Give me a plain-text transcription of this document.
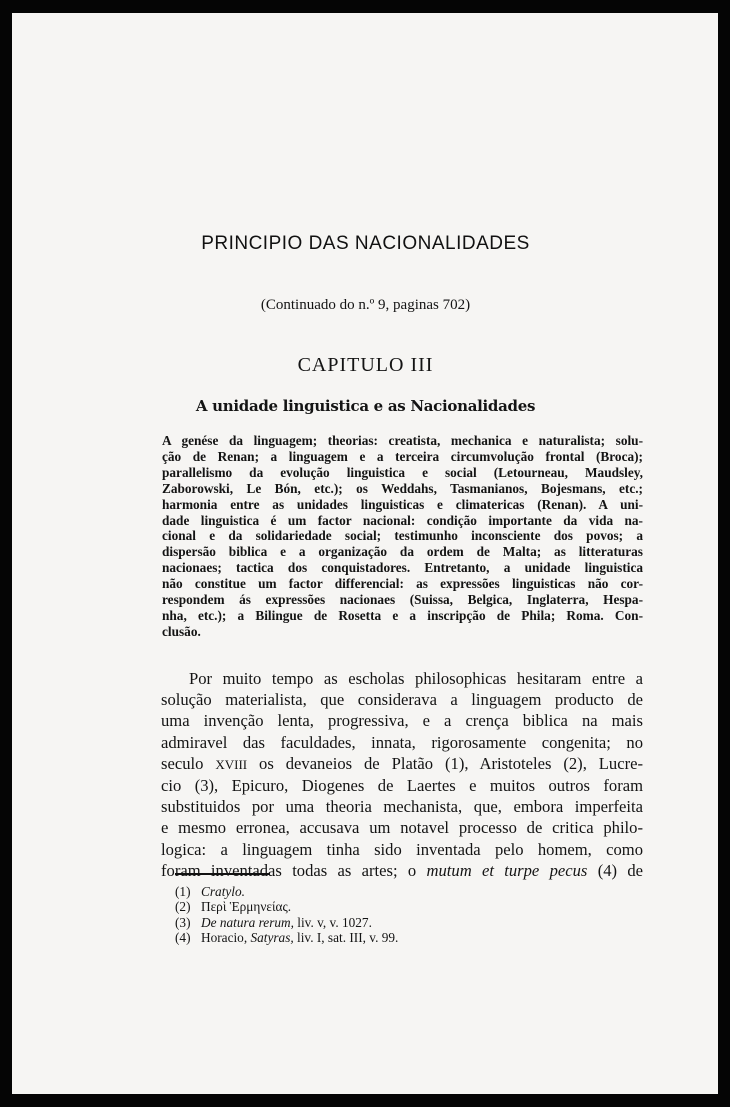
PRINCIPIO DAS NACIONALIDADES
(Continuado do n.º 9, paginas 702)
CAPITULO III
A unidade linguistica e as Nacionalidades
A genése da linguagem; theorias: creatista, mechanica e naturalista; solu-
ção de Renan; a linguagem e a terceira circumvolução frontal (Broca);
parallelismo da evolução linguistica e social (Letourneau, Maudsley,
Zaborowski, Le Bón, etc.); os Weddahs, Tasmanianos, Bojesmans, etc.;
harmonia entre as unidades linguisticas e climatericas (Renan). A uni-
dade linguistica é um factor nacional: condição importante da vida na-
cional e da solidariedade social; testimunho inconsciente dos povos; a
dispersão biblica e a organização da ordem de Malta; as litteraturas
nacionaes; tactica dos conquistadores. Entretanto, a unidade linguistica
não constitue um factor differencial: as expressões linguisticas não cor-
respondem ás expressões nacionaes (Suissa, Belgica, Inglaterra, Hespa-
nha, etc.); a Bilingue de Rosetta e a inscripção de Phila; Roma. Con-
clusão.
Por muito tempo as escholas philosophicas hesitaram entre a
solução materialista, que considerava a linguagem producto de
uma invenção lenta, progressiva, e a crença biblica na mais
admiravel das faculdades, innata, rigorosamente congenita; no
seculo XVIII os devaneios de Platão (1), Aristoteles (2), Lucre-
cio (3), Epicuro, Diogenes de Laertes e muitos outros foram
substituidos por uma theoria mechanista, que, embora imperfeita
e mesmo erronea, accusava um notavel processo de critica philo-
logica: a linguagem tinha sido inventada pelo homem, como
foram inventadas todas as artes; o mutum et turpe pecus (4) de
(1) Cratylo.
(2) Περὶ Ἑρμηνείας.
(3) De natura rerum, liv. v, v. 1027.
(4) Horacio, Satyras, liv. I, sat. III, v. 99.
